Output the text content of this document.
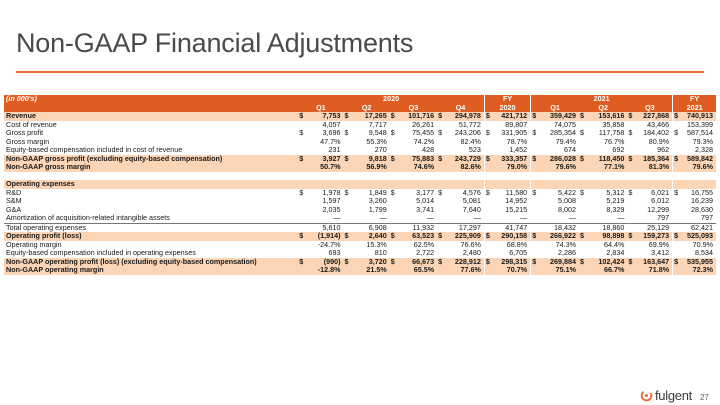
Non-GAAP Financial Adjustments
(in 000's)	2020								FY		2021						FY	
	Q1		Q2		Q3		Q4		2020		Q1		Q2		Q3		2021	
Revenue	$	7,753	$	17,265	$	101,716	$	294,978	$	421,712	$	359,429	$	153,616	$	227,868	$	740,913
Cost of revenue		4,057		7,717		26,261		51,772		89,807		74,075		35,858		43,466		153,399
Gross profit	$	3,696	$	9,548	$	75,455	$	243,206	$	331,905	$	285,354	$	117,758	$	184,402	$	587,514
Gross margin		47.7%		55.3%		74.2%		82.4%		78.7%		79.4%		76.7%		80.9%		79.3%
Equity-based compensation included in cost of revenue		231		270		428		523		1,452		674		692		962		2,328
Non-GAAP gross profit (excluding equity-based compensation)	$	3,927	$	9,818	$	75,883	$	243,729	$	333,357	$	286,028	$	118,450	$	185,364	$	589,842
Non-GAAP gross margin		50.7%		56.9%		74.6%		82.6%		79.0%		79.6%		77.1%		81.3%		79.6%

Operating expenses																		
R&D	$	1,978	$	1,849	$	3,177	$	4,576	$	11,580	$	5,422	$	5,312	$	6,021	$	16,755
S&M		1,597		3,260		5,014		5,081		14,952		5,008		5,219		6,012		16,239
G&A		2,035		1,799		3,741		7,640		15,215		8,002		8,329		12,299		28,630
Amortization of acquisition-related intangible assets		—		—		—		—		—		—		—		797		797
Total operating expenses		5,610		6,908		11,932		17,297		41,747		18,432		18,860		25,129		62,421
Operating profit (loss)	$	(1,914)	$	2,640	$	63,523	$	225,909	$	290,158	$	266,922	$	98,898	$	159,273	$	525,093
Operating margin		-24.7%		15.3%		62.5%		76.6%		68.8%		74.3%		64.4%		69.9%		70.9%
Equity-based compensation included in operating expenses		693		810		2,722		2,480		6,705		2,286		2,834		3,412		8,534
Non-GAAP operating profit (loss) (excluding equity-based compensation)	$	(990)	$	3,720	$	66,673	$	228,912	$	298,315	$	269,884	$	102,424	$	163,647	$	535,955
Non-GAAP operating margin		-12.8%		21.5%		65.5%		77.6%		70.7%		75.1%		66.7%		71.8%		72.3%
fulgent 27
